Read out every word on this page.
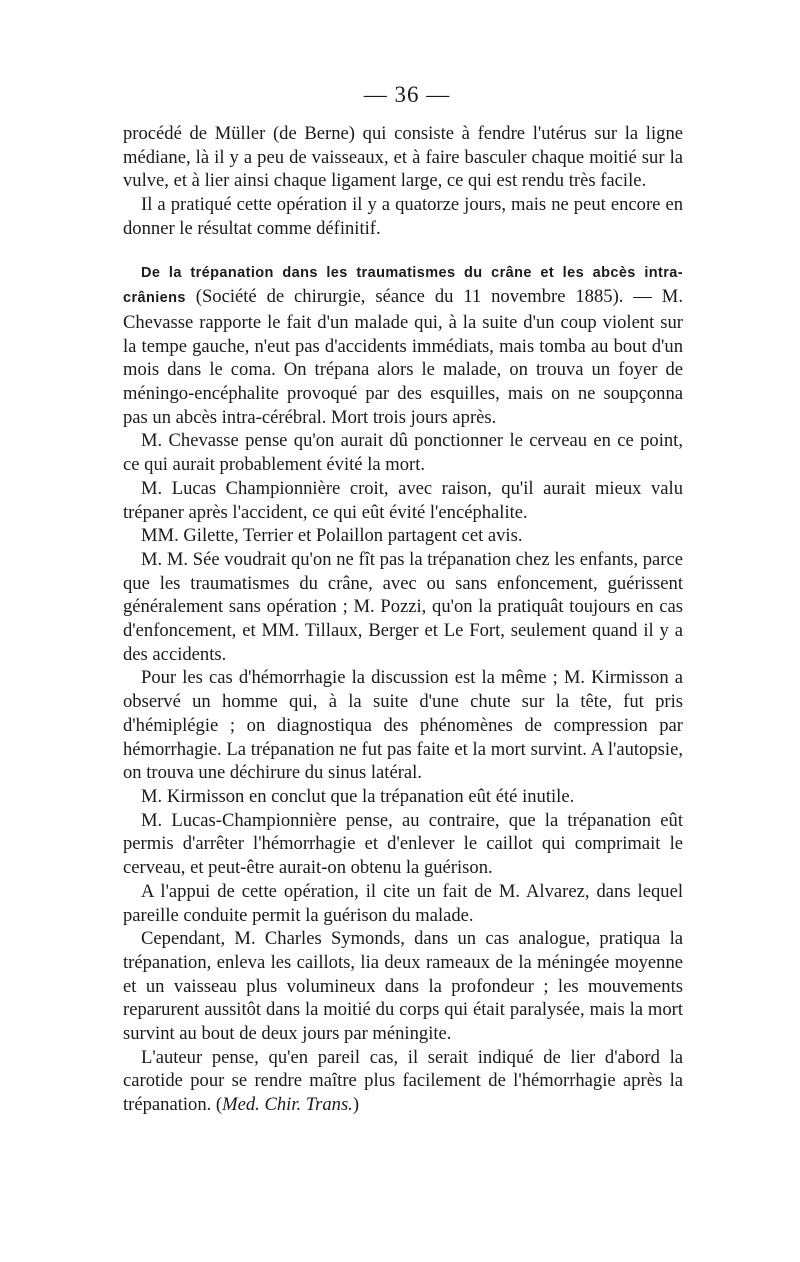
— 36 —

procédé de Müller (de Berne) qui consiste à fendre l'utérus sur la ligne médiane, là il y a peu de vaisseaux, et à faire basculer chaque moitié sur la vulve, et à lier ainsi chaque ligament large, ce qui est rendu très facile.

Il a pratiqué cette opération il y a quatorze jours, mais ne peut encore en donner le résultat comme définitif.

De la trépanation dans les traumatismes du crâne et les abcès intra-crâniens (Société de chirurgie, séance du 11 novembre 1885). — M. Chevasse rapporte le fait d'un malade qui, à la suite d'un coup violent sur la tempe gauche, n'eut pas d'accidents immédiats, mais tomba au bout d'un mois dans le coma. On trépana alors le malade, on trouva un foyer de méningo-encéphalite provoqué par des esquilles, mais on ne soupçonna pas un abcès intra-cérébral. Mort trois jours après.

M. Chevasse pense qu'on aurait dû ponctionner le cerveau en ce point, ce qui aurait probablement évité la mort.

M. Lucas Championnière croit, avec raison, qu'il aurait mieux valu trépaner après l'accident, ce qui eût évité l'encéphalite.

MM. Gilette, Terrier et Polaillon partagent cet avis.

M. M. Sée voudrait qu'on ne fît pas la trépanation chez les enfants, parce que les traumatismes du crâne, avec ou sans enfoncement, guérissent généralement sans opération ; M. Pozzi, qu'on la pratiquât toujours en cas d'enfoncement, et MM. Tillaux, Berger et Le Fort, seulement quand il y a des accidents.

Pour les cas d'hémorrhagie la discussion est la même ; M. Kirmisson a observé un homme qui, à la suite d'une chute sur la tête, fut pris d'hémiplégie ; on diagnostiqua des phénomènes de compression par hémorrhagie. La trépanation ne fut pas faite et la mort survint. A l'autopsie, on trouva une déchirure du sinus latéral.

M. Kirmisson en conclut que la trépanation eût été inutile.

M. Lucas-Championnière pense, au contraire, que la trépanation eût permis d'arrêter l'hémorrhagie et d'enlever le caillot qui comprimait le cerveau, et peut-être aurait-on obtenu la guérison.

A l'appui de cette opération, il cite un fait de M. Alvarez, dans lequel pareille conduite permit la guérison du malade.

Cependant, M. Charles Symonds, dans un cas analogue, pratiqua la trépanation, enleva les caillots, lia deux rameaux de la méningée moyenne et un vaisseau plus volumineux dans la profondeur ; les mouvements reparurent aussitôt dans la moitié du corps qui était paralysée, mais la mort survint au bout de deux jours par méningite.

L'auteur pense, qu'en pareil cas, il serait indiqué de lier d'abord la carotide pour se rendre maître plus facilement de l'hémorrhagie après la trépanation. (Med. Chir. Trans.)
